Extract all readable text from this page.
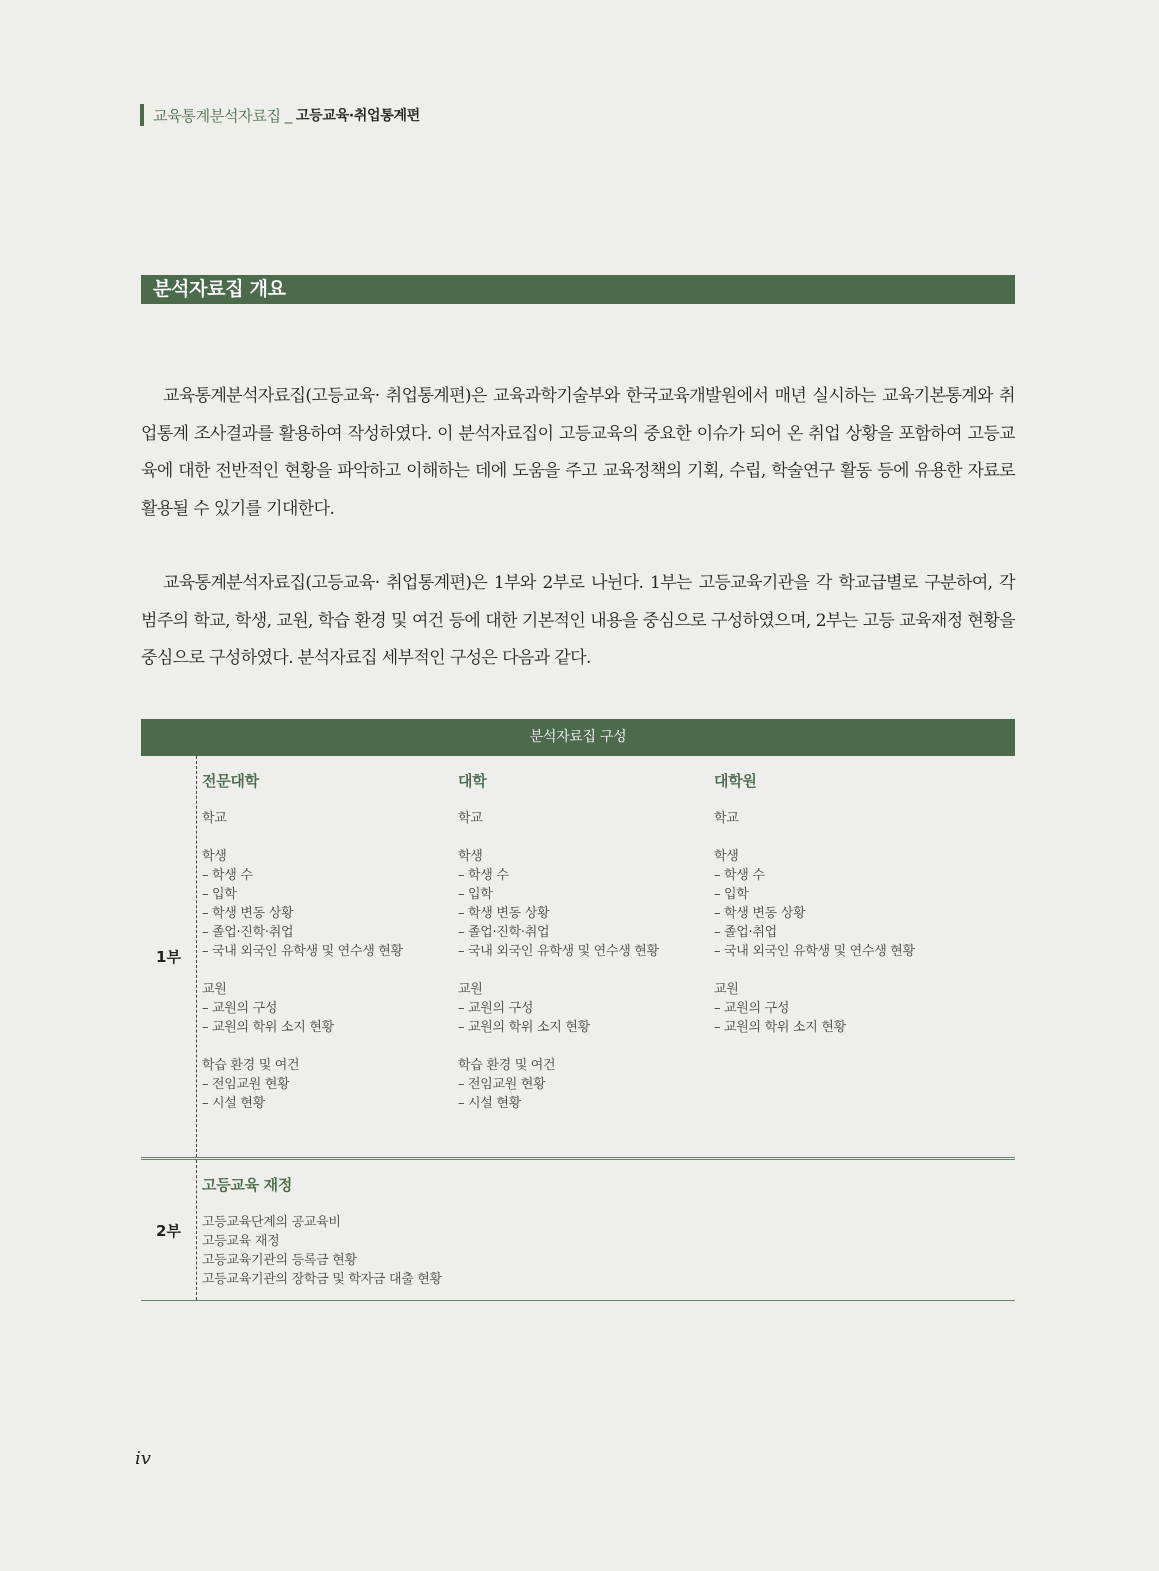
교육통계분석자료집 _ 고등교육·취업통계편
분석자료집 개요

교육통계분석자료집(고등교육· 취업통계편)은 교육과학기술부와 한국교육개발원에서 매년 실시하는 교육기본통계와 취업통계 조사결과를 활용하여 작성하였다. 이 분석자료집이 고등교육의 중요한 이슈가 되어 온 취업 상황을 포함하여 고등교육에 대한 전반적인 현황을 파악하고 이해하는 데에 도움을 주고 교육정책의 기획, 수립, 학술연구 활동 등에 유용한 자료로 활용될 수 있기를 기대한다.

교육통계분석자료집(고등교육· 취업통계편)은 1부와 2부로 나뉜다. 1부는 고등교육기관을 각 학교급별로 구분하여, 각 범주의 학교, 학생, 교원, 학습 환경 및 여건 등에 대한 기본적인 내용을 중심으로 구성하였으며, 2부는 고등 교육재정 현황을 중심으로 구성하였다. 분석자료집 세부적인 구성은 다음과 같다.

분석자료집 구성
1부
전문대학
학교
학생
– 학생 수
– 입학
– 학생 변동 상황
– 졸업·진학·취업
– 국내 외국인 유학생 및 연수생 현황
교원
– 교원의 구성
– 교원의 학위 소지 현황
학습 환경 및 여건
– 전임교원 현황
– 시설 현황
대학
학교
학생
– 학생 수
– 입학
– 학생 변동 상황
– 졸업·진학·취업
– 국내 외국인 유학생 및 연수생 현황
교원
– 교원의 구성
– 교원의 학위 소지 현황
학습 환경 및 여건
– 전임교원 현황
– 시설 현황
대학원
학교
학생
– 학생 수
– 입학
– 학생 변동 상황
– 졸업·취업
– 국내 외국인 유학생 및 연수생 현황
교원
– 교원의 구성
– 교원의 학위 소지 현황
2부
고등교육 재정
고등교육단계의 공교육비
고등교육 재정
고등교육기관의 등록금 현황
고등교육기관의 장학금 및 학자금 대출 현황
iv
